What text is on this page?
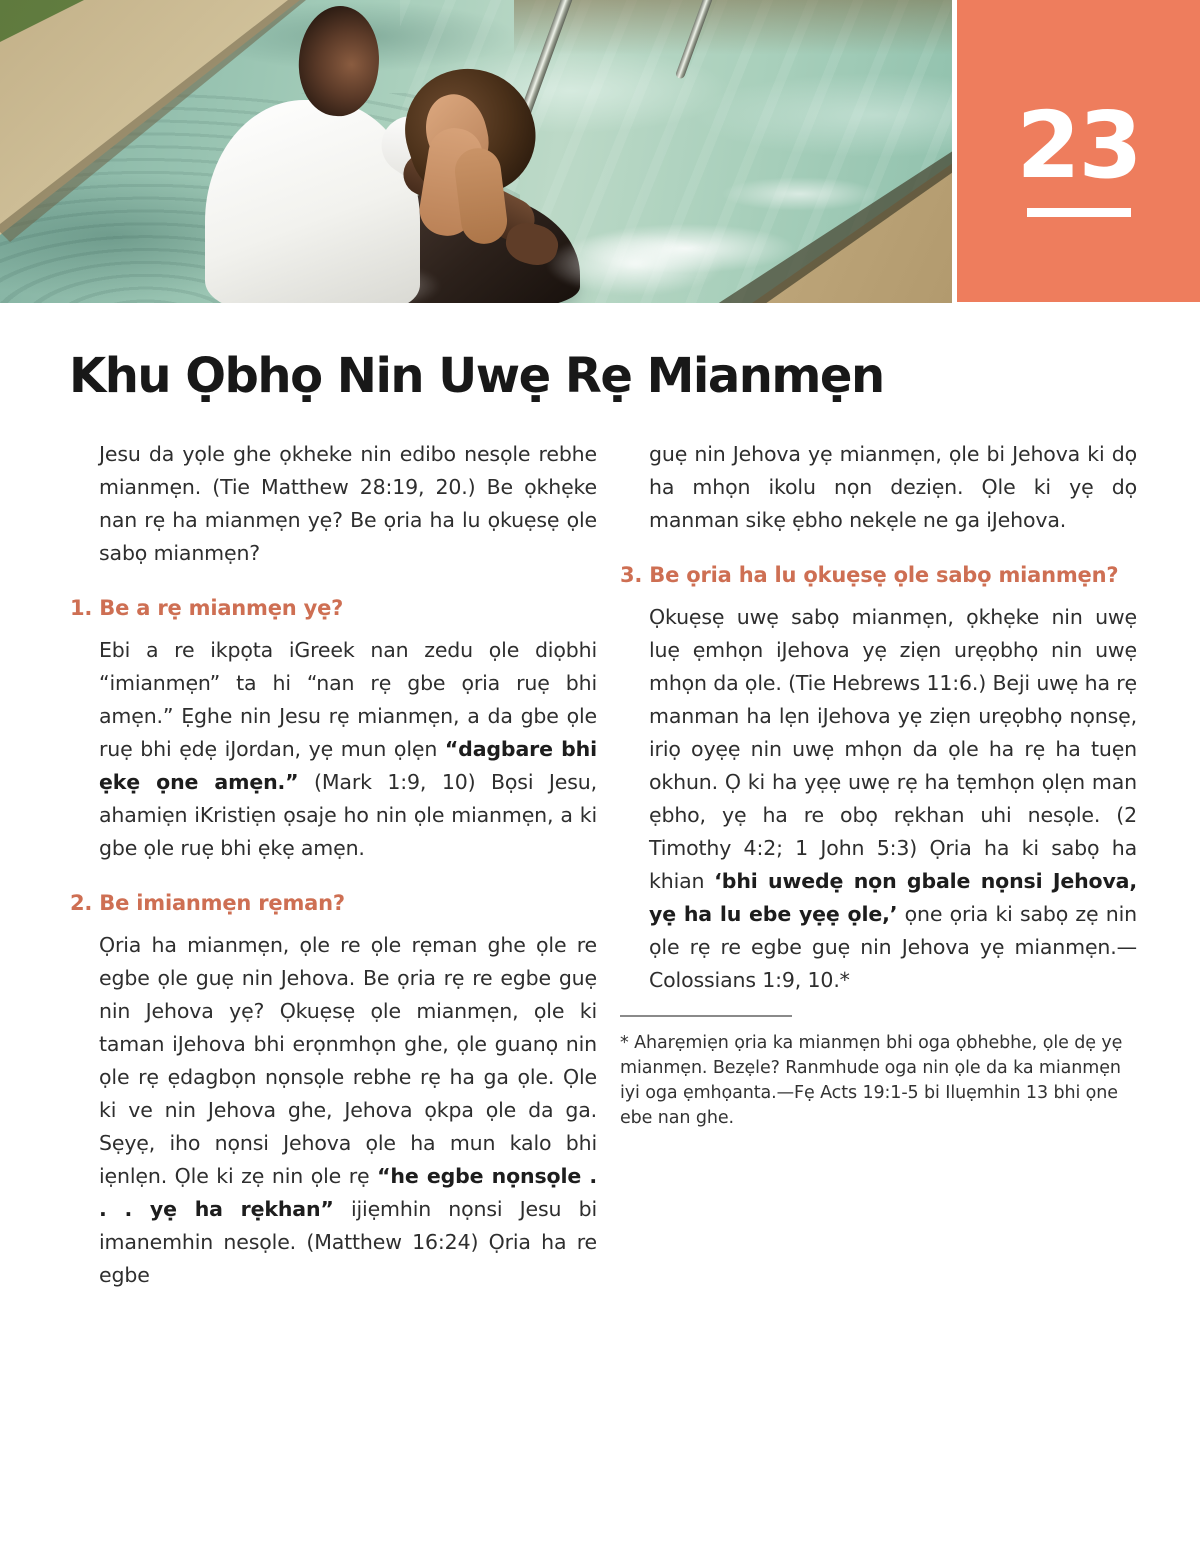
23
Khu Ọbhọ Nin Uwẹ Rẹ Mianmẹn

Jesu da yọle ghe ọkheke nin edibo nesọle rebhe mianmẹn. (Tie Matthew 28:19, 20.) Be ọkhẹke nan rẹ ha mianmẹn yẹ? Be ọria ha lu ọkuẹsẹ ọle sabọ mianmẹn?

1. Be a rẹ mianmẹn yẹ?

Ebi a re ikpọta iGreek nan zedu ọle diọbhi “imianmẹn” ta hi “nan rẹ gbe ọria ruẹ bhi amẹn.” Ẹghe nin Jesu rẹ mianmẹn, a da gbe ọle ruẹ bhi ẹdẹ iJordan, yẹ mun ọlẹn “dagbare bhi ẹkẹ ọne amẹn.” (Mark 1:9, 10) Bọsi Jesu, ahamiẹn iKristiẹn ọsaje ho nin ọle mianmẹn, a ki gbe ọle ruẹ bhi ẹkẹ amẹn.

2. Be imianmẹn rẹman?

Ọria ha mianmẹn, ọle re ọle rẹman ghe ọle re egbe ọle guẹ nin Jehova. Be ọria rẹ re egbe guẹ nin Jehova yẹ? Ọkuẹsẹ ọle mianmẹn, ọle ki taman iJehova bhi erọnmhọn ghe, ọle guanọ nin ọle rẹ ẹdagbọn nọnsọle rebhe rẹ ha ga ọle. Ọle ki ve nin Jehova ghe, Jehova ọkpa ọle da ga. Sẹyẹ, iho nọnsi Jehova ọle ha mun kalo bhi iẹnlẹn. Ọle ki zẹ nin ọle rẹ “he egbe nọnsọle . . . yẹ ha rẹkhan” ijiẹmhin nọnsi Jesu bi imanemhin nesọle. (Matthew 16:24) Ọria ha re egbe

guẹ nin Jehova yẹ mianmẹn, ọle bi Jehova ki dọ ha mhọn ikolu nọn deziẹn. Ọle ki yẹ dọ manman sikẹ ẹbho nekẹle ne ga iJehova.

3. Be ọria ha lu ọkuẹsẹ ọle sabọ mianmẹn?

Ọkuẹsẹ uwẹ sabọ mianmẹn, ọkhẹke nin uwẹ luẹ ẹmhọn iJehova yẹ ziẹn urẹọbhọ nin uwẹ mhọn da ọle. (Tie Hebrews 11:6.) Beji uwẹ ha rẹ manman ha lẹn iJehova yẹ ziẹn urẹọbhọ nọnsẹ, iriọ oyẹẹ nin uwẹ mhọn da ọle ha rẹ ha tuẹn okhun. Ọ ki ha yẹẹ uwẹ rẹ ha tẹmhọn ọlẹn man ẹbho, yẹ ha re obọ rẹkhan uhi nesọle. (2 Timothy 4:2; 1 John 5:3) Ọria ha ki sabọ ha khian ‘bhi uwedẹ nọn gbale nọnsi Jehova, yẹ ha lu ebe yẹẹ ọle,’ ọne ọria ki sabọ zẹ nin ọle rẹ re egbe guẹ nin Jehova yẹ mianmẹn.—Colossians 1:9, 10.*

* Aharẹmiẹn ọria ka mianmẹn bhi oga ọbhebhe, ọle dẹ yẹ mianmẹn. Bezẹle? Ranmhude oga nin ọle da ka mianmẹn iyi oga ẹmhọanta.—Fẹ Acts 19:1-5 bi Iluẹmhin 13 bhi ọne ebe nan ghe.
